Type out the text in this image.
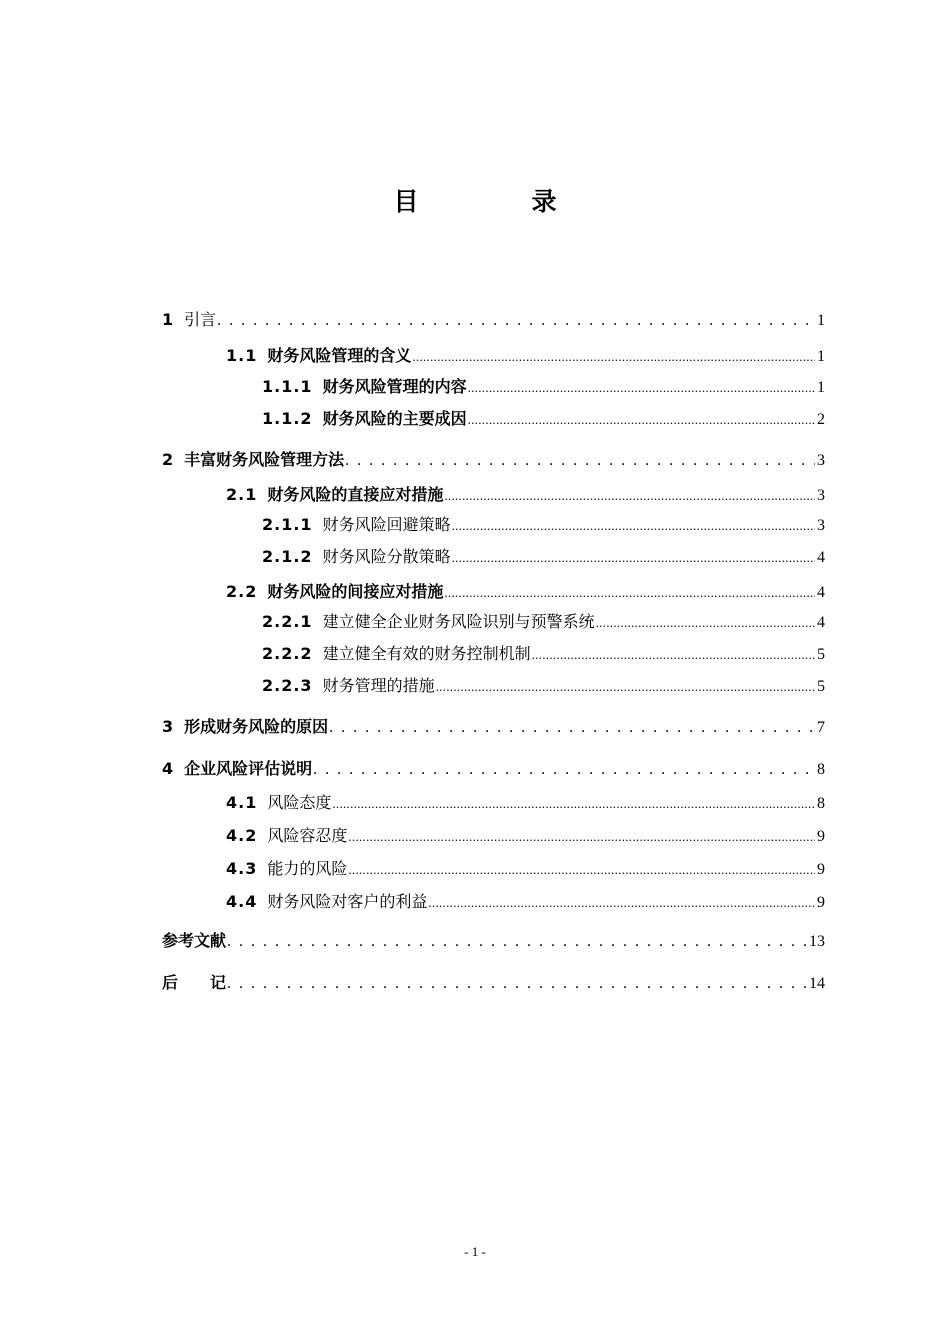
目　录
1 引言 . . .	1
1.1 财务风险管理的含义 .....	1
1.1.1 财务风险管理的内容 .....	1
1.1.2 财务风险的主要成因 .....	2
2 丰富财务风险管理方法 . . .	3
2.1 财务风险的直接应对措施 .....	3
2.1.1 财务风险回避策略 .....	3
2.1.2 财务风险分散策略 .....	4
2.2 财务风险的间接应对措施 .....	4
2.2.1 建立健全企业财务风险识别与预警系统 .....	4
2.2.2 建立健全有效的财务控制机制 .....	5
2.2.3 财务管理的措施 .....	5
3 形成财务风险的原因 . . .	7
4 企业风险评估说明 . . .	8
4.1 风险态度 .....	8
4.2 风险容忍度 .....	9
4.3 能力的风险 .....	9
4.4 财务风险对客户的利益 .....	9
参考文献 . . .	13
后　　记 . . .	14
- 1 -
